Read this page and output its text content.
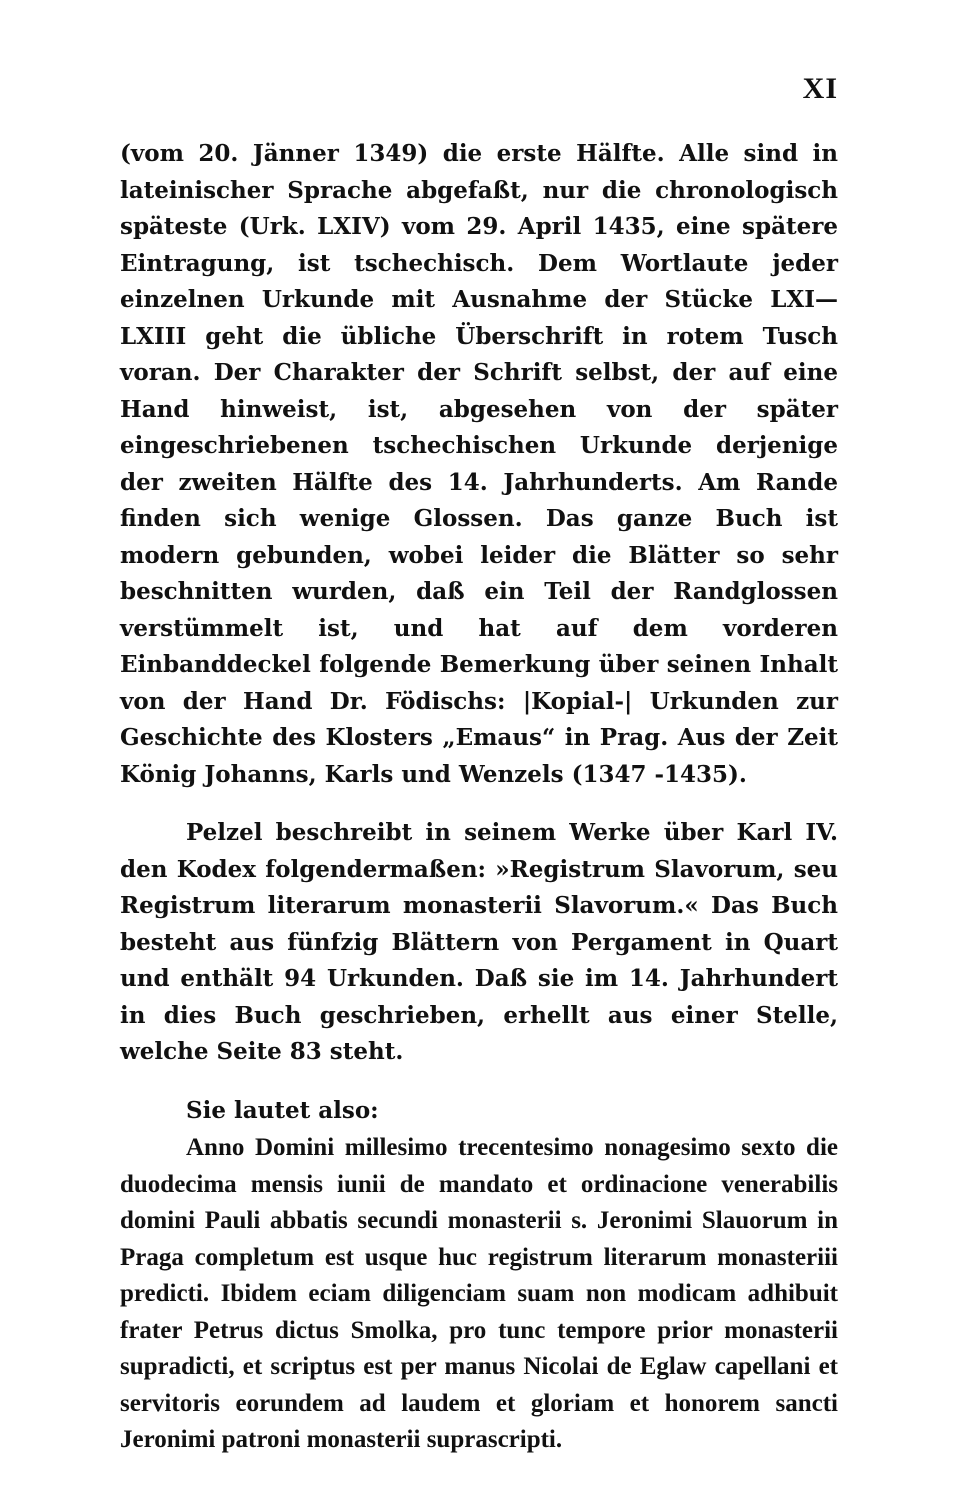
XI

(vom 20. Jänner 1349) die erste Hälfte. Alle sind in lateinischer Sprache abgefaßt, nur die chronologisch späteste (Urk. LXIV) vom 29. April 1435, eine spätere Eintragung, ist tschechisch. Dem Wortlaute jeder einzelnen Urkunde mit Ausnahme der Stücke LXI—LXIII geht die übliche Überschrift in rotem Tusch voran. Der Charakter der Schrift selbst, der auf eine Hand hinweist, ist, abgesehen von der später eingeschriebenen tschechischen Urkunde derjenige der zweiten Hälfte des 14. Jahrhunderts. Am Rande finden sich wenige Glossen. Das ganze Buch ist modern gebunden, wobei leider die Blätter so sehr beschnitten wurden, daß ein Teil der Randglossen verstümmelt ist, und hat auf dem vorderen Einbanddeckel folgende Bemerkung über seinen Inhalt von der Hand Dr. Födischs: |Kopial-| Urkunden zur Geschichte des Klosters „Emaus“ in Prag. Aus der Zeit König Johanns, Karls und Wenzels (1347 -1435).

Pelzel beschreibt in seinem Werke über Karl IV. den Kodex folgendermaßen: »Registrum Slavorum, seu Registrum literarum monasterii Slavorum.« Das Buch besteht aus fünfzig Blättern von Pergament in Quart und enthält 94 Urkunden. Daß sie im 14. Jahrhundert in dies Buch geschrieben, erhellt aus einer Stelle, welche Seite 83 steht.

Sie lautet also:

Anno Domini millesimo trecentesimo nonagesimo sexto die duodecima mensis iunii de mandato et ordinacione venerabilis domini Pauli abbatis secundi monasterii s. Jeronimi Slauorum in Praga completum est usque huc registrum literarum monasteriii predicti. Ibidem eciam diligenciam suam non modicam adhibuit frater Petrus dictus Smolka, pro tunc tempore prior monasterii supradicti, et scriptus est per manus Nicolai de Eglaw capellani et servitoris eorundem ad laudem et gloriam et honorem sancti Jeronimi patroni monasterii suprascripti.
